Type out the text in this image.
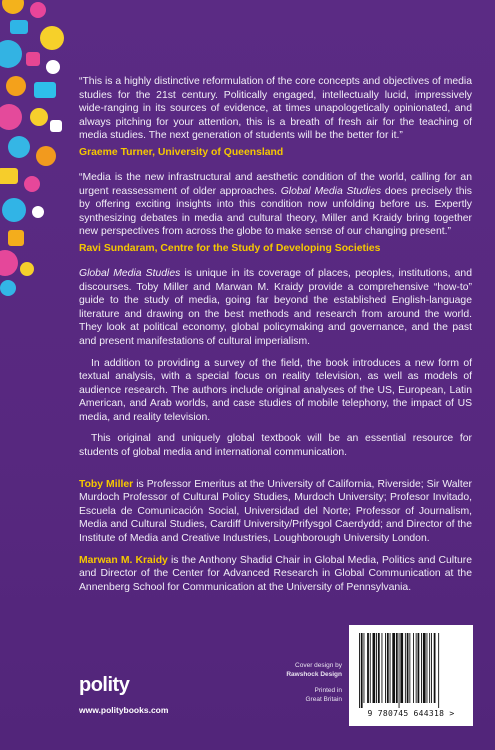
“This is a highly distinctive reformulation of the core concepts and objectives of media studies for the 21st century. Politically engaged, intellectually lucid, impressively wide-ranging in its sources of evidence, at times unapologetically opinionated, and always pitching for your attention, this is a breath of fresh air for the teaching of media studies. The next generation of students will be the better for it.”

Graeme Turner, University of Queensland

“Media is the new infrastructural and aesthetic condition of the world, calling for an urgent reassessment of older approaches. Global Media Studies does precisely this by offering exciting insights into this condition now unfolding before us. Expertly synthesizing debates in media and cultural theory, Miller and Kraidy bring together new perspectives from across the globe to make sense of our changing present.”

Ravi Sundaram, Centre for the Study of Developing Societies

Global Media Studies is unique in its coverage of places, peoples, institutions, and discourses. Toby Miller and Marwan M. Kraidy provide a comprehensive “how-to” guide to the study of media, going far beyond the established English-language literature and drawing on the best methods and research from around the world. They look at political economy, global policymaking and governance, and the past and present manifestations of cultural imperialism.

In addition to providing a survey of the field, the book introduces a new form of textual analysis, with a special focus on reality television, as well as models of audience research. The authors include original analyses of the US, European, Latin American, and Arab worlds, and case studies of mobile telephony, the impact of US media, and reality television.

This original and uniquely global textbook will be an essential resource for students of global media and international communication.

Toby Miller is Professor Emeritus at the University of California, Riverside; Sir Walter Murdoch Professor of Cultural Policy Studies, Murdoch University; Profesor Invitado, Escuela de Comunicación Social, Universidad del Norte; Professor of Journalism, Media and Cultural Studies, Cardiff University/Prifysgol Caerdydd; and Director of the Institute of Media and Creative Industries, Loughborough University London.

Marwan M. Kraidy is the Anthony Shadid Chair in Global Media, Politics and Culture and Director of the Center for Advanced Research in Global Communication at the Annenberg School for Communication at the University of Pennsylvania.

polity
www.politybooks.com
Cover design by
Rawshock Design
Printed in
Great Britain
9 780745 644318 >
